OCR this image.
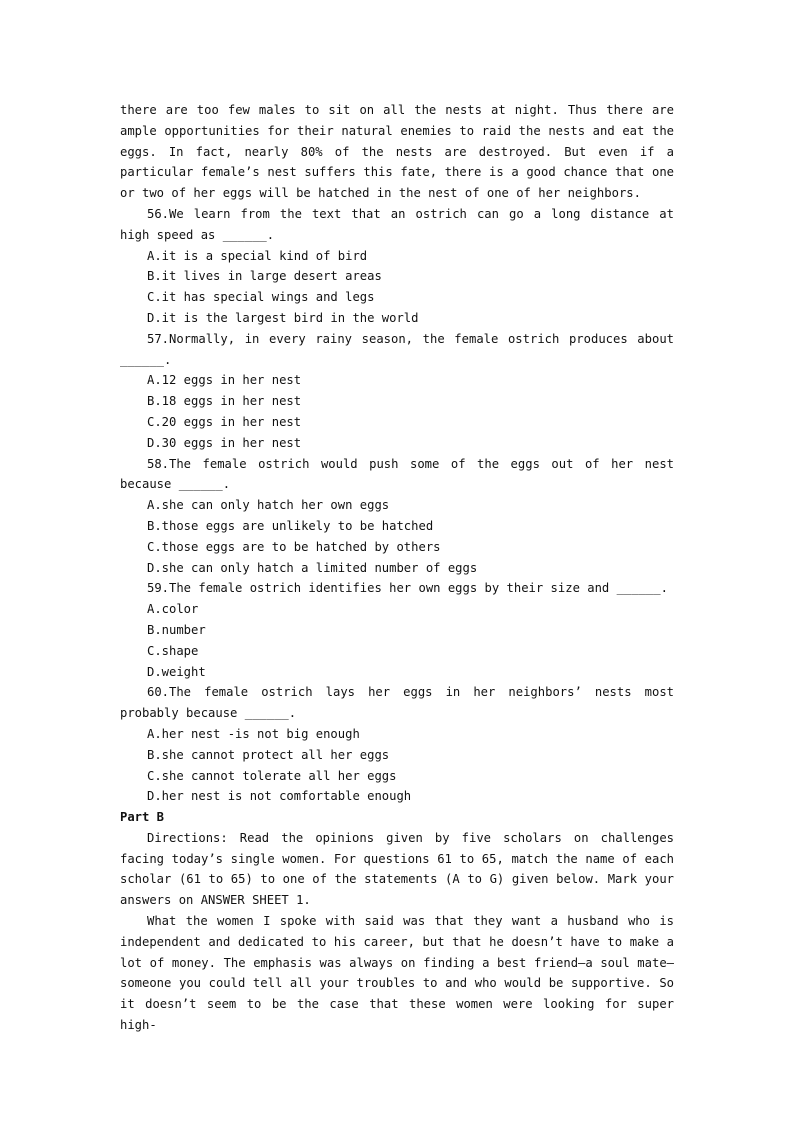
there are too few males to sit on all the nests at night. Thus there are ample opportunities for their natural enemies to raid the nests and eat the eggs. In fact, nearly 80% of the nests are destroyed. But even if a particular female’s nest suffers this fate, there is a good chance that one or two of her eggs will be hatched in the nest of one of her neighbors.

56.We learn from the text that an ostrich can go a long distance at high speed as ______.

A.it is a special kind of bird

B.it lives in large desert areas

C.it has special wings and legs

D.it is the largest bird in the world

57.Normally, in every rainy season, the female ostrich produces about ______.

A.12 eggs in her nest

B.18 eggs in her nest

C.20 eggs in her nest

D.30 eggs in her nest

58.The female ostrich would push some of the eggs out of her nest because ______.

A.she can only hatch her own eggs

B.those eggs are unlikely to be hatched

C.those eggs are to be hatched by others

D.she can only hatch a limited number of eggs

59.The female ostrich identifies her own eggs by their size and ______.

A.color

B.number

C.shape

D.weight

60.The female ostrich lays her eggs in her neighbors’ nests most probably because ______.

A.her nest -is not big enough

B.she cannot protect all her eggs

C.she cannot tolerate all her eggs

D.her nest is not comfortable enough

Part B

Directions: Read the opinions given by five scholars on challenges facing today’s single women. For questions 61 to 65, match the name of each scholar (61 to 65) to one of the statements (A to G) given below. Mark your answers on ANSWER SHEET 1.

What the women I spoke with said was that they want a husband who is independent and dedicated to his career, but that he doesn’t have to make a lot of money. The emphasis was always on finding a best friend—a soul mate—someone you could tell all your troubles to and who would be supportive. So it doesn’t seem to be the case that these women were looking for super high-
